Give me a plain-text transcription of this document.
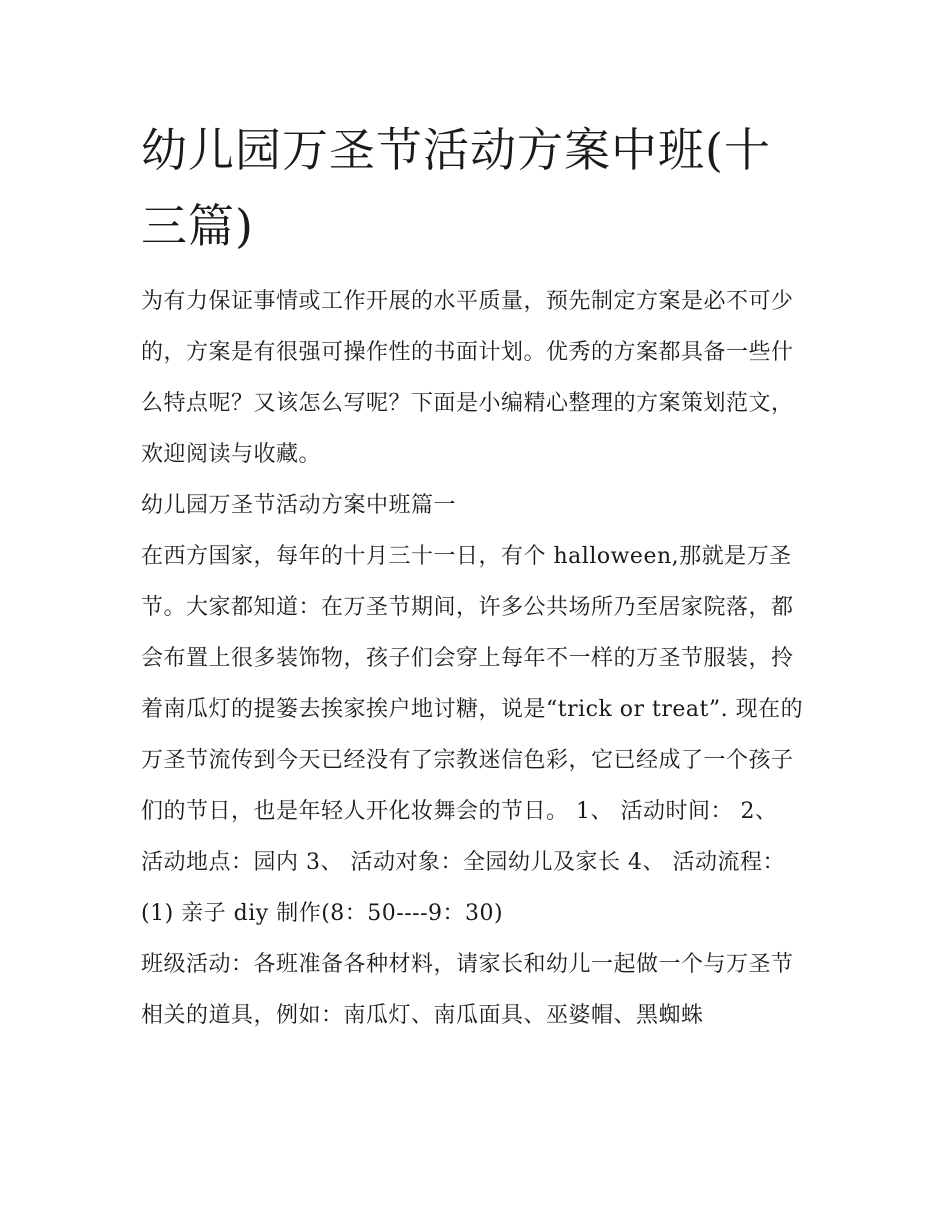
幼儿园万圣节活动方案中班(十三篇)

为有力保证事情或工作开展的水平质量，预先制定方案是必不可少的，方案是有很强可操作性的书面计划。优秀的方案都具备一些什么特点呢？又该怎么写呢？下面是小编精心整理的方案策划范文，欢迎阅读与收藏。

幼儿园万圣节活动方案中班篇一

在西方国家，每年的十月三十一日，有个 halloween,那就是万圣节。大家都知道：在万圣节期间，许多公共场所乃至居家院落，都会布置上很多装饰物，孩子们会穿上每年不一样的万圣节服装，拎着南瓜灯的提篓去挨家挨户地讨糖，说是“trick or treat”. 现在的万圣节流传到今天已经没有了宗教迷信色彩，它已经成了一个孩子们的节日，也是年轻人开化妆舞会的节日。 1、 活动时间： 2、

活动地点：园内 3、 活动对象：全园幼儿及家长 4、 活动流程： (1) 亲子 diy 制作(8：50----9：30)

班级活动：各班准备各种材料，请家长和幼儿一起做一个与万圣节相关的道具，例如：南瓜灯、南瓜面具、巫婆帽、黑蜘蛛
